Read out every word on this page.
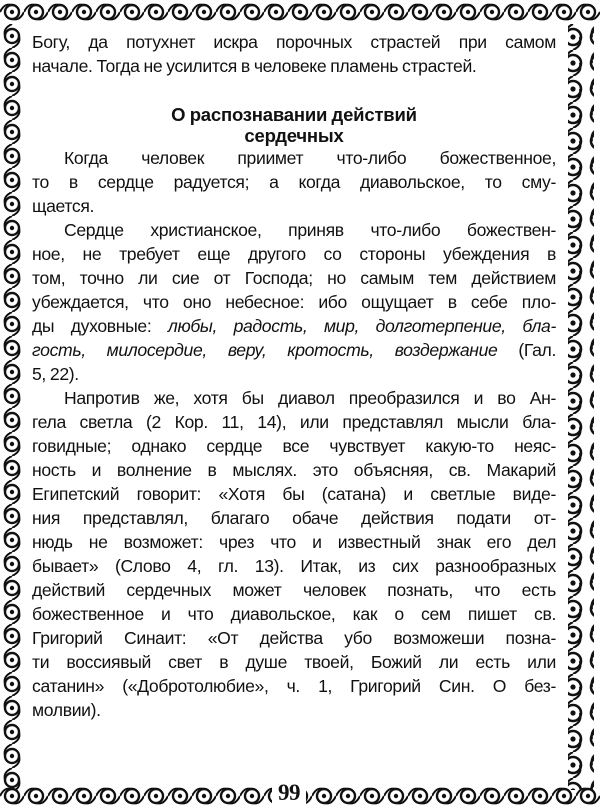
Богу, да потухнет искра порочных страстей при самом
начале. Тогда не усилится в человеке пламень страстей.
О распознавании действий
сердечных
Когда человек приимет что-либо божественное,
то в сердце радуется; а когда диавольское, то сму-
щается.
Сердце христианское, приняв что-либо божествен-
ное, не требует еще другого со стороны убеждения в
том, точно ли сие от Господа; но самым тем действием
убеждается, что оно небесное: ибо ощущает в себе пло-
ды духовные: любы, радость, мир, долготерпение, бла-
гость, милосердие, веру, кротость, воздержание (Гал.
5, 22).
Напротив же, хотя бы диавол преобразился и во Ан-
гела светла (2 Кор. 11, 14), или представлял мысли бла-
говидные; однако сердце все чувствует какую-то неяс-
ность и волнение в мыслях. это объясняя, св. Макарий
Египетский говорит: «Хотя бы (сатана) и светлые виде-
ния представлял, благаго обаче действия подати от-
нюдь не возможет: чрез что и известный знак его дел
бывает» (Слово 4, гл. 13). Итак, из сих разнообразных
действий сердечных может человек познать, что есть
божественное и что диавольское, как о сем пишет св.
Григорий Синаит: «От действа убо возможеши позна-
ти воссиявый свет в душе твоей, Божий ли есть или
сатанин» («Добротолюбие», ч. 1, Григорий Син. О без-
молвии).
99
